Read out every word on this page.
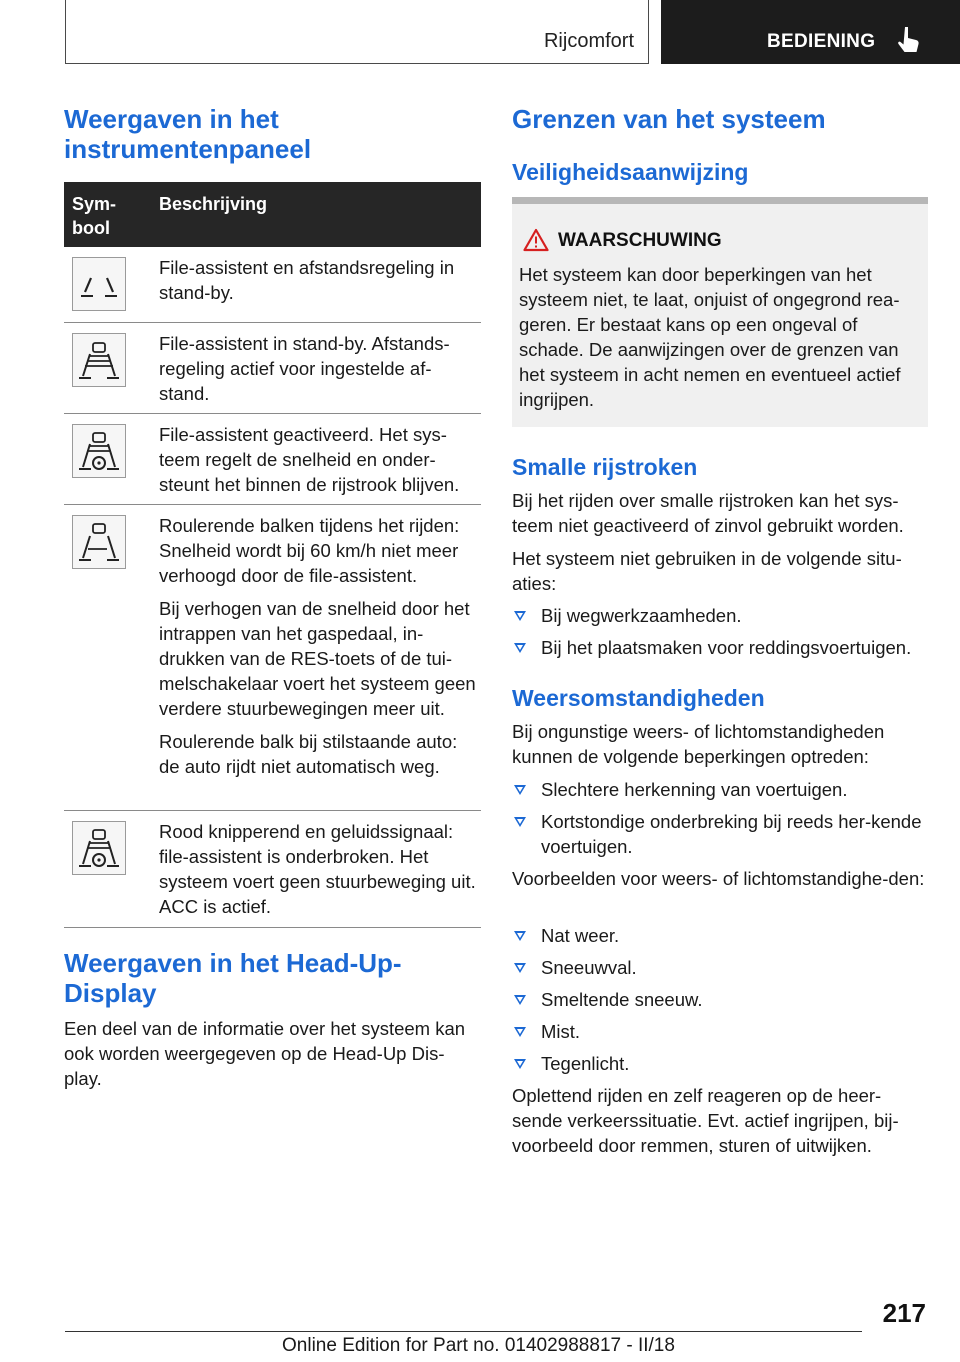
Rijcomfort	BEDIENING
Weergaven in het instrumentenpaneel
Sym-
bool
Beschrijving

File-assistent en afstandsregeling in stand-by.

File-assistent in stand-by. Afstands-regeling actief voor ingestelde af-stand.

File-assistent geactiveerd. Het sys-teem regelt de snelheid en onder-steunt het binnen de rijstrook blijven.

Roulerende balken tijdens het rijden: Snelheid wordt bij 60 km/h niet meer verhoogd door de file-assistent.

Bij verhogen van de snelheid door het intrappen van het gaspedaal, in-drukken van de RES-toets of de tui-melschakelaar voert het systeem geen verdere stuurbewegingen meer uit.

Roulerende balk bij stilstaande auto: de auto rijdt niet automatisch weg.

Rood knipperend en geluidssignaal: file-assistent is onderbroken. Het systeem voert geen stuurbeweging uit. ACC is actief.

Weergaven in het Head-Up-Display
Een deel van de informatie over het systeem kan ook worden weergegeven op de Head-Up Dis-play.
Grenzen van het systeem
Veiligheidsaanwijzing
WAARSCHUWING
Het systeem kan door beperkingen van het systeem niet, te laat, onjuist of ongegrond rea-geren. Er bestaat kans op een ongeval of schade. De aanwijzingen over de grenzen van het systeem in acht nemen en eventueel actief ingrijpen.
Smalle rijstroken
Bij het rijden over smalle rijstroken kan het sys-teem niet geactiveerd of zinvol gebruikt worden.
Het systeem niet gebruiken in de volgende situ-aties:
Bij wegwerkzaamheden.
Bij het plaatsmaken voor reddingsvoertuigen.
Weersomstandigheden
Bij ongunstige weers- of lichtomstandigheden kunnen de volgende beperkingen optreden:
Slechtere herkenning van voertuigen.
Kortstondige onderbreking bij reeds her-kende voertuigen.
Voorbeelden voor weers- of lichtomstandighe-den:
Nat weer.
Sneeuwval.
Smeltende sneeuw.
Mist.
Tegenlicht.
Oplettend rijden en zelf reageren op de heer-sende verkeerssituatie. Evt. actief ingrijpen, bij-voorbeeld door remmen, sturen of uitwijken.
217
Online Edition for Part no. 01402988817 - II/18
